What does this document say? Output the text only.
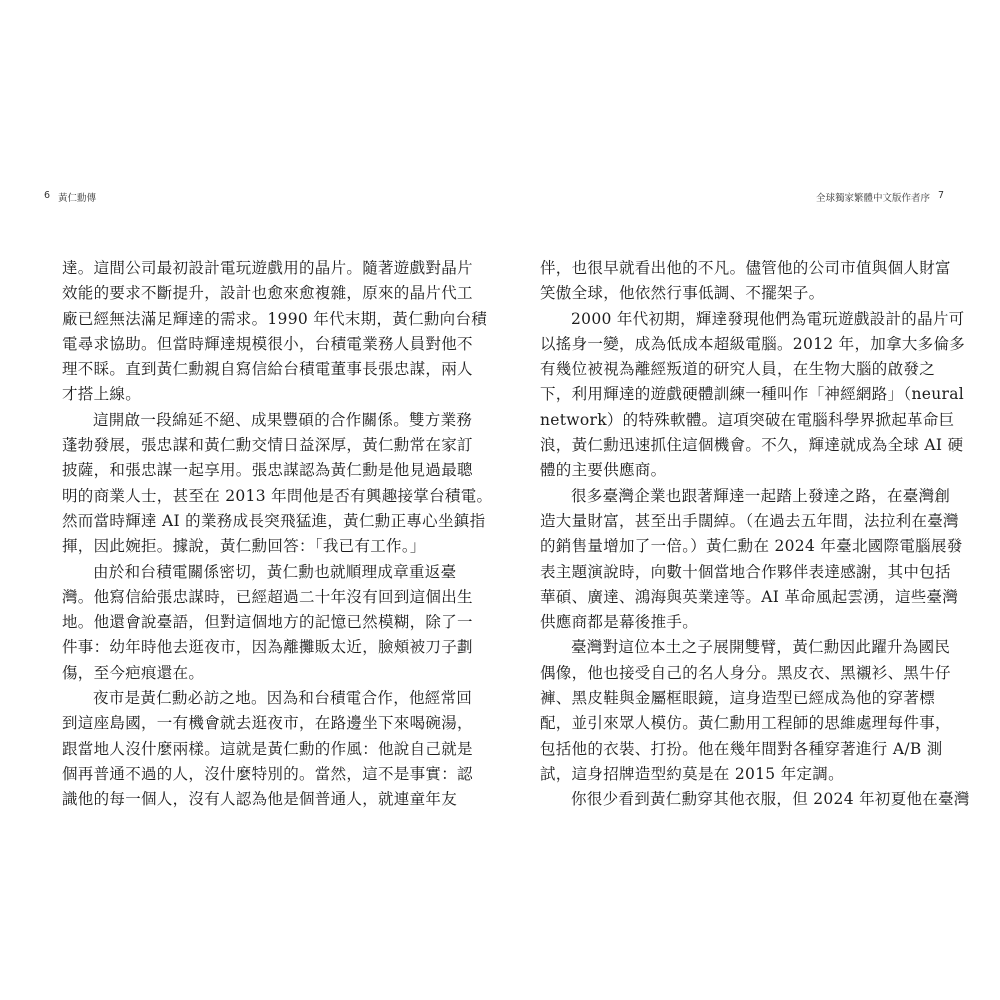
6 黃仁勳傳
達。這間公司最初設計電玩遊戲用的晶片。隨著遊戲對晶片
效能的要求不斷提升，設計也愈來愈複雜，原來的晶片代工
廠已經無法滿足輝達的需求。1990 年代末期，黃仁勳向台積
電尋求協助。但當時輝達規模很小，台積電業務人員對他不
理不睬。直到黃仁勳親自寫信給台積電董事長張忠謀，兩人
才搭上線。
這開啟一段綿延不絕、成果豐碩的合作關係。雙方業務
蓬勃發展，張忠謀和黃仁勳交情日益深厚，黃仁勳常在家訂
披薩，和張忠謀一起享用。張忠謀認為黃仁勳是他見過最聰
明的商業人士，甚至在 2013 年問他是否有興趣接掌台積電。
然而當時輝達 AI 的業務成長突飛猛進，黃仁勳正專心坐鎮指
揮，因此婉拒。據說，黃仁勳回答：「我已有工作。」
由於和台積電關係密切，黃仁勳也就順理成章重返臺
灣。他寫信給張忠謀時，已經超過二十年沒有回到這個出生
地。他還會說臺語，但對這個地方的記憶已然模糊，除了一
件事：幼年時他去逛夜市，因為離攤販太近，臉頰被刀子劃
傷，至今疤痕還在。
夜市是黃仁勳必訪之地。因為和台積電合作，他經常回
到這座島國，一有機會就去逛夜市，在路邊坐下來喝碗湯，
跟當地人沒什麼兩樣。這就是黃仁勳的作風：他說自己就是
個再普通不過的人，沒什麼特別的。當然，這不是事實：認
識他的每一個人，沒有人認為他是個普通人，就連童年友
全球獨家繁體中文版作者序 7
伴，也很早就看出他的不凡。儘管他的公司市值與個人財富
笑傲全球，他依然行事低調、不擺架子。
2000 年代初期，輝達發現他們為電玩遊戲設計的晶片可
以搖身一變，成為低成本超級電腦。2012 年，加拿大多倫多
有幾位被視為離經叛道的研究人員，在生物大腦的啟發之
下，利用輝達的遊戲硬體訓練一種叫作「神經網路」（neural
network）的特殊軟體。這項突破在電腦科學界掀起革命巨
浪，黃仁勳迅速抓住這個機會。不久，輝達就成為全球 AI 硬
體的主要供應商。
很多臺灣企業也跟著輝達一起踏上發達之路，在臺灣創
造大量財富，甚至出手闊綽。（在過去五年間，法拉利在臺灣
的銷售量增加了一倍。）黃仁勳在 2024 年臺北國際電腦展發
表主題演說時，向數十個當地合作夥伴表達感謝，其中包括
華碩、廣達、鴻海與英業達等。AI 革命風起雲湧，這些臺灣
供應商都是幕後推手。
臺灣對這位本土之子展開雙臂，黃仁勳因此躍升為國民
偶像，他也接受自己的名人身分。黑皮衣、黑襯衫、黑牛仔
褲、黑皮鞋與金屬框眼鏡，這身造型已經成為他的穿著標
配，並引來眾人模仿。黃仁勳用工程師的思維處理每件事，
包括他的衣裝、打扮。他在幾年間對各種穿著進行 A/B 測
試，這身招牌造型約莫是在 2015 年定調。
你很少看到黃仁勳穿其他衣服，但 2024 年初夏他在臺灣
